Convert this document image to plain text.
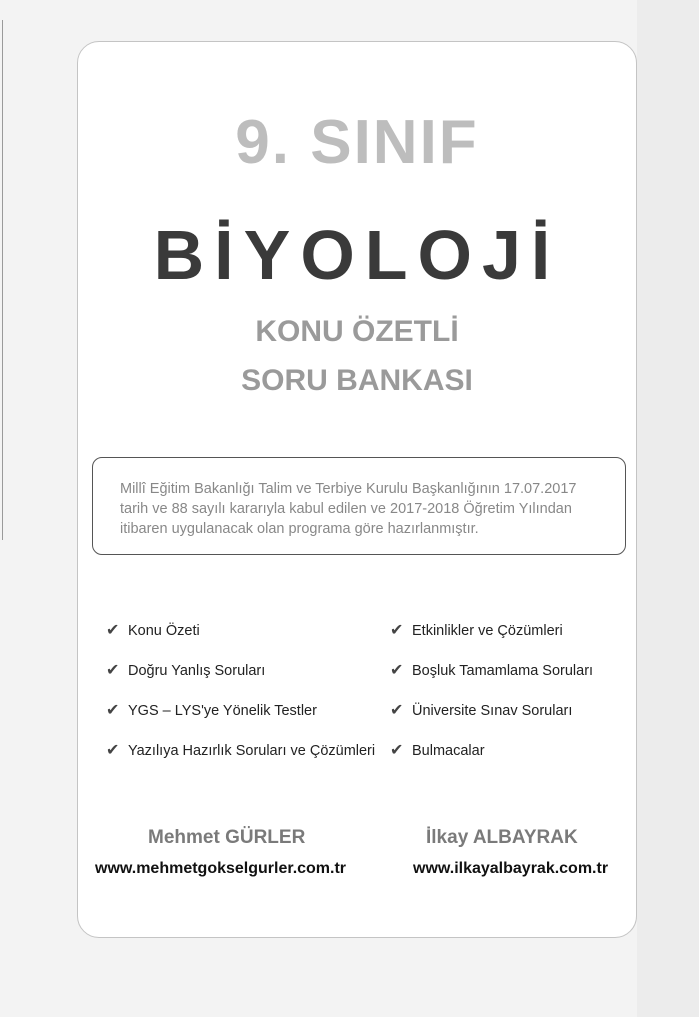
9. SINIF
BİYOLOJİ
KONU ÖZETLİ
SORU BANKASI
Millî Eğitim Bakanlığı Talim ve Terbiye Kurulu Başkanlığının 17.07.2017
tarih ve 88 sayılı kararıyla kabul edilen ve 2017-2018 Öğretim Yılından
itibaren uygulanacak olan programa göre hazırlanmıştır.
✔ Konu Özeti
✔ Doğru Yanlış Soruları
✔ YGS – LYS'ye Yönelik Testler
✔ Yazılıya Hazırlık Soruları ve Çözümleri
✔ Etkinlikler ve Çözümleri
✔ Boşluk Tamamlama Soruları
✔ Üniversite Sınav Soruları
✔ Bulmacalar
Mehmet GÜRLER
www.mehmetgokselgurler.com.tr
İlkay ALBAYRAK
www.ilkayalbayrak.com.tr
